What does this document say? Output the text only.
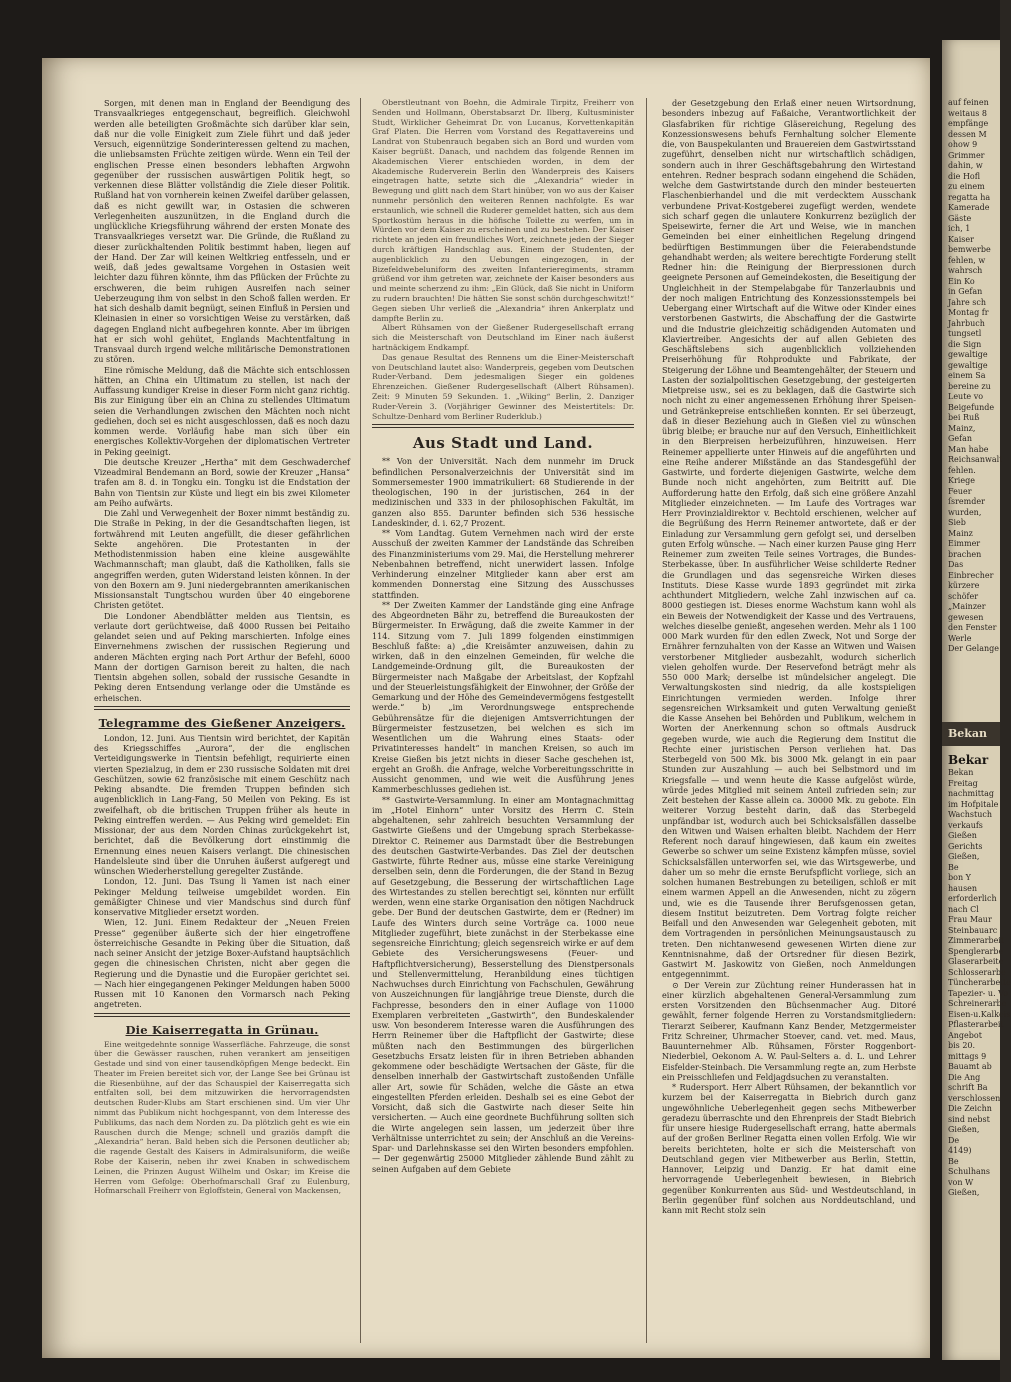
Sorgen, mit denen man in England der Beendigung des Transvaalkrieges entgegenschaut, begreiflich. Gleichwohl werden alle beteiligten Großmächte sich darüber klar sein, daß nur die volle Einigkeit zum Ziele führt und daß jeder Versuch, eigennützige Sonderinteressen geltend zu machen, die unliebsamsten Früchte zeitigen würde. Wenn ein Teil der englischen Presse einen besonders lebhaften Argwohn gegenüber der russischen auswärtigen Politik hegt, so verkennen diese Blätter vollständig die Ziele dieser Politik. Rußland hat von vornherein keinen Zweifel darüber gelassen, daß es nicht gewillt war, in Ostasien die schweren Verlegenheiten auszunützen, in die England durch die unglückliche Kriegsführung während der ersten Monate des Transvaalkrieges versetzt war. Die Gründe, die Rußland zu dieser zurückhaltenden Politik bestimmt haben, liegen auf der Hand. Der Zar will keinen Weltkrieg entfesseln, und er weiß, daß jedes gewaltsame Vorgehen in Ostasien weit leichter dazu führen könnte, ihm das Pflücken der Früchte zu erschweren, die beim ruhigen Ausreifen nach seiner Ueberzeugung ihm von selbst in den Schoß fallen werden. Er hat sich deshalb damit begnügt, seinen Einfluß in Persien und Kleinasien in einer so vorsichtigen Weise zu verstärken, daß dagegen England nicht aufbegehren konnte. Aber im übrigen hat er sich wohl gehütet, Englands Machtentfaltung in Transvaal durch irgend welche militärische Demonstrationen zu stören.

Eine römische Meldung, daß die Mächte sich entschlossen hätten, an China ein Ultimatum zu stellen, ist nach der Auffassung kundiger Kreise in dieser Form nicht ganz richtig. Bis zur Einigung über ein an China zu stellendes Ultimatum seien die Verhandlungen zwischen den Mächten noch nicht gediehen, doch sei es nicht ausgeschlossen, daß es noch dazu kommen werde. Vorläufig habe man sich über ein energisches Kollektiv-Vorgehen der diplomatischen Vertreter in Peking geeinigt.

Die deutsche Kreuzer „Hertha“ mit dem Geschwaderchef Vizeadmiral Bendemann an Bord, sowie der Kreuzer „Hansa“ trafen am 8. d. in Tongku ein. Tongku ist die Endstation der Bahn von Tientsin zur Küste und liegt ein bis zwei Kilometer am Peiho aufwärts.

Die Zahl und Verwegenheit der Boxer nimmt beständig zu. Die Straße in Peking, in der die Gesandtschaften liegen, ist fortwährend mit Leuten angefüllt, die dieser gefährlichen Sekte angehören. Die Protestanten in der Methodistenmission haben eine kleine ausgewählte Wachmannschaft; man glaubt, daß die Katholiken, falls sie angegriffen werden, guten Widerstand leisten können. In der von den Boxern am 9. Juni niedergebrannten amerikanischen Missionsanstalt Tungtschou wurden über 40 eingeborene Christen getötet.

Die Londoner Abendblätter melden aus Tientsin, es verlaute dort gerüchtweise, daß 4000 Russen bei Peitaiho gelandet seien und auf Peking marschierten. Infolge eines Einvernehmens zwischen der russischen Regierung und anderen Mächten erging nach Port Arthur der Befehl, 6000 Mann der dortigen Garnison bereit zu halten, die nach Tientsin abgehen sollen, sobald der russische Gesandte in Peking deren Entsendung verlange oder die Umstände es erheischen.

Telegramme des Gießener Anzeigers.

London, 12. Juni. Aus Tientsin wird berichtet, der Kapitän des Kriegsschiffes „Aurora“, der die englischen Verteidigungswerke in Tientsin befehligt, requirierte einen vierten Spezialzug, in dem er 230 russische Soldaten mit drei Geschützen, sowie 62 französische mit einem Geschütz nach Peking absandte. Die fremden Truppen befinden sich augenblicklich in Lang-Fang, 50 Meilen von Peking. Es ist zweifelhaft, ob die britischen Truppen früher als heute in Peking eintreffen werden. — Aus Peking wird gemeldet: Ein Missionar, der aus dem Norden Chinas zurückgekehrt ist, berichtet, daß die Bevölkerung dort einstimmig die Ernennung eines neuen Kaisers verlangt. Die chinesischen Handelsleute sind über die Unruhen äußerst aufgeregt und wünschen Wiederherstellung geregelter Zustände.

London, 12. Juni. Das Tsung li Yamen ist nach einer Pekinger Meldung teilweise umgebildet worden. Ein gemäßigter Chinese und vier Mandschus sind durch fünf konservative Mitglieder ersetzt worden.

Wien, 12. Juni. Einem Redakteur der „Neuen Freien Presse“ gegenüber äußerte sich der hier eingetroffene österreichische Gesandte in Peking über die Situation, daß nach seiner Ansicht der jetzige Boxer-Aufstand hauptsächlich gegen die chinesischen Christen, nicht aber gegen die Regierung und die Dynastie und die Europäer gerichtet sei. — Nach hier eingegangenen Pekinger Meldungen haben 5000 Russen mit 10 Kanonen den Vormarsch nach Peking angetreten.

Die Kaiserregatta in Grünau.

Eine weitgedehnte sonnige Wasserfläche. Fahrzeuge, die sonst über die Gewässer rauschen, ruhen verankert am jenseitigen Gestade und sind von einer tausendköpfigen Menge bedeckt. Ein Theater im Freien bereitet sich vor, der Lange See bei Grünau ist die Riesenbühne, auf der das Schauspiel der Kaiserregatta sich entfalten soll, bei dem mitzuwirken die hervorragendsten deutschen Ruder-Klubs am Start erschienen sind. Um vier Uhr nimmt das Publikum nicht hochgespannt, von dem Interesse des Publikums, das nach dem Norden zu. Da plötzlich geht es wie ein Rauschen durch die Menge; schnell und graziös dampft die „Alexandria“ heran. Bald heben sich die Personen deutlicher ab; die ragende Gestalt des Kaisers in Admiralsuniform, die weiße Robe der Kaiserin, neben ihr zwei Knaben in schwedischem Leinen, die Prinzen August Wilhelm und Oskar; im Kreise die Herren vom Gefolge: Oberhofmarschall Graf zu Eulenburg, Hofmarschall Freiherr von Egloffstein, General von Mackensen,

Oberstleutnant von Boehn, die Admirale Tirpitz, Freiherr von Senden und Hollmann, Oberstabsarzt Dr. Ilberg, Kultusminister Studt, Wirklicher Geheimrat Dr. von Lucanus, Korvettenkapitän Graf Platen. Die Herren vom Vorstand des Regattavereins und Landrat von Stubenrauch begaben sich an Bord und wurden vom Kaiser begrüßt. Danach, und nachdem das folgende Rennen im Akademischen Vierer entschieden worden, in dem der Akademische Ruderverein Berlin den Wanderpreis des Kaisers eingetragen hatte, setzte sich die „Alexandria“ wieder in Bewegung und glitt nach dem Start hinüber, von wo aus der Kaiser nunmehr persönlich den weiteren Rennen nachfolgte. Es war erstaunlich, wie schnell die Ruderer gemeldet hatten, sich aus dem Sportkostüm heraus in die höfische Toilette zu werfen, um in Würden vor dem Kaiser zu erscheinen und zu bestehen. Der Kaiser richtete an jeden ein freundliches Wort, zeichnete jeden der Sieger durch kräftigen Handschlag aus. Einem der Studenten, der augenblicklich zu den Uebungen eingezogen, in der Bizefeldwebeluniform des zweiten Infanterieregiments, stramm grüßend vor ihm getreten war, zeichnete der Kaiser besonders aus und meinte scherzend zu ihm: „Ein Glück, daß Sie nicht in Uniform zu rudern brauchten! Die hätten Sie sonst schön durchgeschwitzt!“ Gegen sieben Uhr verließ die „Alexandria“ ihren Ankerplatz und dampfte Berlin zu.

Albert Rühsamen von der Gießener Rudergesellschaft errang sich die Meisterschaft von Deutschland im Einer nach äußerst hartnäckigem Endkampf.

Das genaue Resultat des Rennens um die Einer-Meisterschaft von Deutschland lautet also: Wanderpreis, gegeben vom Deutschen Ruder-Verband. Dem jedesmaligen Sieger ein goldenes Ehrenzeichen. Gießener Rudergesellschaft (Albert Rühsamen). Zeit: 9 Minuten 59 Sekunden. 1. „Wiking“ Berlin, 2. Danziger Ruder-Verein 3. (Vorjähriger Gewinner des Meistertitels: Dr. Schultze-Denhard vom Berliner Ruderklub.)

Aus Stadt und Land.

** Von der Universität. Nach dem nunmehr im Druck befindlichen Personalverzeichnis der Universität sind im Sommersemester 1900 immatrikuliert: 68 Studierende in der theologischen, 190 in der juristischen, 264 in der medizinischen und 333 in der philosophischen Fakultät, im ganzen also 855. Darunter befinden sich 536 hessische Landeskinder, d. i. 62,7 Prozent.

** Vom Landtag. Gutem Vernehmen nach wird der erste Ausschuß der zweiten Kammer der Landstände das Schreiben des Finanzministeriums vom 29. Mai, die Herstellung mehrerer Nebenbahnen betreffend, nicht unerwidert lassen. Infolge Verhinderung einzelner Mitglieder kann aber erst am kommenden Donnerstag eine Sitzung des Ausschusses stattfinden.

** Der Zweiten Kammer der Landstände ging eine Anfrage des Abgeordneten Bähr zu, betreffend die Bureaukosten der Bürgermeister. In Erwägung, daß die zweite Kammer in der 114. Sitzung vom 7. Juli 1899 folgenden einstimmigen Beschluß faßte: a) „die Kreisämter anzuweisen, dahin zu wirken, daß in den einzelnen Gemeinden, für welche die Landgemeinde-Ordnung gilt, die Bureaukosten der Bürgermeister nach Maßgabe der Arbeitslast, der Kopfzahl und der Steuerleistungsfähigkeit der Einwohner, der Größe der Gemarkung und der Höhe des Gemeindevermögens festgestellt werde.“ b) „im Verordnungswege entsprechende Gebührensätze für die diejenigen Amtsverrichtungen der Bürgermeister festzusetzen, bei welchen es sich im Wesentlichen um die Wahrung eines Staats- oder Privatinteresses handelt“ in manchen Kreisen, so auch im Kreise Gießen bis jetzt nichts in dieser Sache geschehen ist, ergeht an Großh. die Anfrage, welche Vorbereitungsschritte in Aussicht genommen, und wie weit die Ausführung jenes Kammerbeschlusses gediehen ist.

** Gastwirte-Versammlung. In einer am Montagnachmittag im „Hotel Einhorn“ unter Vorsitz des Herrn C. Stein abgehaltenen, sehr zahlreich besuchten Versammlung der Gastwirte Gießens und der Umgebung sprach Sterbekasse-Direktor C. Reinemer aus Darmstadt über die Bestrebungen des deutschen Gastwirte-Verbandes. Das Ziel der deutschen Gastwirte, führte Redner aus, müsse eine starke Vereinigung derselben sein, denn die Forderungen, die der Stand in Bezug auf Gesetzgebung, die Besserung der wirtschaftlichen Lage des Wirtestandes zu stellen berechtigt sei, könnten nur erfüllt werden, wenn eine starke Organisation den nötigen Nachdruck gebe. Der Bund der deutschen Gastwirte, dem er (Redner) im Laufe des Winters durch seine Vorträge ca. 1000 neue Mitglieder zugeführt, biete zunächst in der Sterbekasse eine segensreiche Einrichtung; gleich segensreich wirke er auf dem Gebiete des Versicherungswesens (Feuer- und Haftpflichtversicherung), Besserstellung des Dienstpersonals und Stellenvermittelung, Heranbildung eines tüchtigen Nachwuchses durch Einrichtung von Fachschulen, Gewährung von Auszeichnungen für langjährige treue Dienste, durch die Fachpresse, besonders den in einer Auflage von 11000 Exemplaren verbreiteten „Gastwirth“, den Bundeskalender usw. Von besonderem Interesse waren die Ausführungen des Herrn Reinemer über die Haftpflicht der Gastwirte; diese müßten nach den Bestimmungen des bürgerlichen Gesetzbuchs Ersatz leisten für in ihren Betrieben abhanden gekommene oder beschädigte Wertsachen der Gäste, für die denselben innerhalb der Gastwirtschaft zustoßenden Unfälle aller Art, sowie für Schäden, welche die Gäste an etwa eingestellten Pferden erleiden. Deshalb sei es eine Gebot der Vorsicht, daß sich die Gastwirte nach dieser Seite hin versicherten. — Auch eine geordnete Buchführung sollten sich die Wirte angelegen sein lassen, um jederzeit über ihre Verhältnisse unterrichtet zu sein; der Anschluß an die Vereins-Spar- und Darlehnskasse sei den Wirten besonders empfohlen. — Der gegenwärtig 25000 Mitglieder zählende Bund zählt zu seinen Aufgaben auf dem Gebiete

der Gesetzgebung den Erlaß einer neuen Wirtsordnung, besonders inbezug auf Faßaiche, Verantwortlichkeit der Glasfabriken für richtige Gläsereichung, Regelung des Konzessionswesens behufs Fernhaltung solcher Elemente die, von Bauspekulanten und Brauereien dem Gastwirtsstand zugeführt, denselben nicht nur wirtschaftlich schädigen, sondern auch in ihrer Geschäftsgebahrung den Wirtestand entehren. Redner besprach sodann eingehend die Schäden, welche dem Gastwirtstande durch den minder besteuerten Flaschenbierhandel und die mit verdecktem Ausschank verbundene Privat-Kostgeberei zugefügt werden, wendete sich scharf gegen die unlautere Konkurrenz bezüglich der Speisewirte, ferner die Art und Weise, wie in manchen Gemeinden bei einer einheitlichen Regelung dringend bedürftigen Bestimmungen über die Feierabendstunde gehandhabt werden; als weitere berechtigte Forderung stellt Redner hin: die Reinigung der Bierpressionen durch geeignete Personen auf Gemeindekosten, die Beseitigung der Ungleichheit in der Stempelabgabe für Tanzerlaubnis und der noch maligen Entrichtung des Konzessionsstempels bei Uebergang einer Wirtschaft auf die Witwe oder Kinder eines verstorbenen Gastwirts, die Abschaffung der die Gastwirte und die Industrie gleichzeitig schädigenden Automaten und Klaviertreiber. Angesichts der auf allen Gebieten des Geschäftslebens sich augenblicklich vollziehenden Preiserhöhung für Rohprodukte und Fabrikate, der Steigerung der Löhne und Beamtengehälter, der Steuern und Lasten der sozialpolitischen Gesetzgebung, der gesteigerten Mietpreise usw., sei es zu beklagen, daß die Gastwirte sich noch nicht zu einer angemessenen Erhöhung ihrer Speisen- und Getränkepreise entschließen konnten. Er sei überzeugt, daß in dieser Beziehung auch in Gießen viel zu wünschen übrig bleibe; er brauche nur auf den Versuch, Einheitlichkeit in den Bierpreisen herbeizuführen, hinzuweisen. Herr Reinemer appellierte unter Hinweis auf die angeführten und eine Reihe anderer Mißstände an das Standesgefühl der Gastwirte, und forderte diejenigen Gastwirte, welche dem Bunde noch nicht angehörten, zum Beitritt auf. Die Aufforderung hatte den Erfolg, daß sich eine größere Anzahl Mitglieder einzeichneten. — Im Laufe des Vortrages war Herr Provinzialdirektor v. Bechtold erschienen, welcher auf die Begrüßung des Herrn Reinemer antwortete, daß er der Einladung zur Versammlung gern gefolgt sei, und derselben guten Erfolg wünsche. — Nach einer kurzen Pause ging Herr Reinemer zum zweiten Teile seines Vortrages, die Bundes-Sterbekasse, über. In ausführlicher Weise schilderte Redner die Grundlagen und das segensreiche Wirken dieses Instituts. Diese Kasse wurde 1893 gegründet mit zirka achthundert Mitgliedern, welche Zahl inzwischen auf ca. 8000 gestiegen ist. Dieses enorme Wachstum kann wohl als ein Beweis der Notwendigkeit der Kasse und des Vertrauens, welches dieselbe genießt, angesehen werden. Mehr als 1 100 000 Mark wurden für den edlen Zweck, Not und Sorge der Ernährer fernzuhalten von der Kasse an Witwen und Waisen verstorbener Mitglieder ausbezahlt, wodurch sicherlich vielen geholfen wurde. Der Reservefond beträgt mehr als 550 000 Mark; derselbe ist mündelsicher angelegt. Die Verwaltungskosten sind niedrig, da alle kostspieligen Einrichtungen vermieden werden. Infolge ihrer segensreichen Wirksamkeit und guten Verwaltung genießt die Kasse Ansehen bei Behörden und Publikum, welchem in Worten der Anerkennung schon so oftmals Ausdruck gegeben wurde, wie auch die Regierung dem Institut die Rechte einer juristischen Person verliehen hat. Das Sterbegeld von 500 Mk. bis 3000 Mk. gelangt in ein paar Stunden zur Auszahlung — auch bei Selbstmord und im Kriegsfalle — und wenn heute die Kasse aufgelöst würde, würde jedes Mitglied mit seinem Anteil zufrieden sein; zur Zeit bestehen der Kasse allein ca. 30000 Mk. zu gebote. Ein weiterer Vorzug besteht darin, daß das Sterbegeld unpfändbar ist, wodurch auch bei Schicksalsfällen dasselbe den Witwen und Waisen erhalten bleibt. Nachdem der Herr Referent noch darauf hingewiesen, daß kaum ein zweites Gewerbe so schwer um seine Existenz kämpfen müsse, soviel Schicksalsfällen unterworfen sei, wie das Wirtsgewerbe, und daher um so mehr die ernste Berufspflicht vorliege, sich an solchen humanen Bestrebungen zu beteiligen, schloß er mit einem warmen Appell an die Anwesenden, nicht zu zögern und, wie es die Tausende ihrer Berufsgenossen getan, diesem Institut beizutreten. Dem Vortrag folgte reicher Beifall und den Anwesenden war Gelegenheit geboten, mit dem Vortragenden in persönlichen Meinungsaustausch zu treten. Den nichtanwesend gewesenen Wirten diene zur Kenntnisnahme, daß der Ortsredner für diesen Bezirk, Gastwirt M. Jaskowitz von Gießen, noch Anmeldungen entgegennimmt.

⊙ Der Verein zur Züchtung reiner Hunderassen hat in einer kürzlich abgehaltenen General-Versammlung zum ersten Vorsitzenden den Büchsenmacher Aug. Ditoré gewählt, ferner folgende Herren zu Vorstandsmitgliedern: Tierarzt Seiberer, Kaufmann Kanz Bender, Metzgermeister Fritz Schreiner, Uhrmacher Stoever, cand. vet. med. Maus, Bauunternehmer Alb. Rühsamen, Förster Roggenbort-Niederbiel, Oekonom A. W. Paul-Selters a. d. L. und Lehrer Eisfelder-Steinbach. Die Versammlung regte an, zum Herbste ein Preisschliefen und Feldjagdsuchen zu veranstalten.

* Rudersport. Herr Albert Rühsamen, der bekanntlich vor kurzem bei der Kaiserregatta in Biebrich durch ganz ungewöhnliche Ueberlegenheit gegen sechs Mitbewerber geradezu überraschte und den Ehrenpreis der Stadt Biebrich für unsere hiesige Rudergesellschaft errang, hatte abermals auf der großen Berliner Regatta einen vollen Erfolg. Wie wir bereits berichteten, holte er sich die Meisterschaft von Deutschland gegen vier Mitbewerber aus Berlin, Stettin, Hannover, Leipzig und Danzig. Er hat damit eine hervorragende Ueberlegenheit bewiesen, in Biebrich gegenüber Konkurrenten aus Süd- und Westdeutschland, in Berlin gegenüber fünf solchen aus Norddeutschland, und kann mit Recht stolz sein

auf feinen
weitaus 8
empfänge
dessen M
ohow 9
Grimmer
dahin, w
die Hofl
zu einem
regatta ha
Kamerade
Gäste
ich, 1
Kaiser
bemwerbe
fehlen, w
wahrsch
Ein Ko
in Gefan
Jahre sch
Montag fr
Jahrbuch
tungsetl
die Sign
gewaltige
gewaltige
einem Sa
bereine zu
Leute vo
Beigefunde
bei Ruß
Mainz,
Gefan
Man habe
Reichsanwalt
fehlen.
Kriege
Feuer
ſsremder
wurden,
Sieb
Mainz
Eimmer
brachen
Das
Einbrecher
kürzere
schöfer
„Mainzer
gewesen
den Fenster
Werle
Der Gelange
Bekan
Bekar
Bekan
Freitag
nachmittag
im Hofpitale
Wachstuch
verkaufs
Gießen
Gerichts
Gießen,
Be
bon Y
hausen
erforderlich
nach Cl
Frau Maur
Steinbauarc
Zimmerarbeit
Spenglerarbe
Glaserarbeite
Schlosserarbe
Tüncherarbeite
Tapezier- u. Vo
Schreinerarbe
Eisen-u.Kalkeis
Pflasterarbeit
Angebot
bis 20.
mittags 9
Bauamt ab
Die Ang
schrift Ba
verschlossen
Die Zeichn
sind nebst
Gießen,
De
4149)
Be
Schulhans
von W
Gießen,
